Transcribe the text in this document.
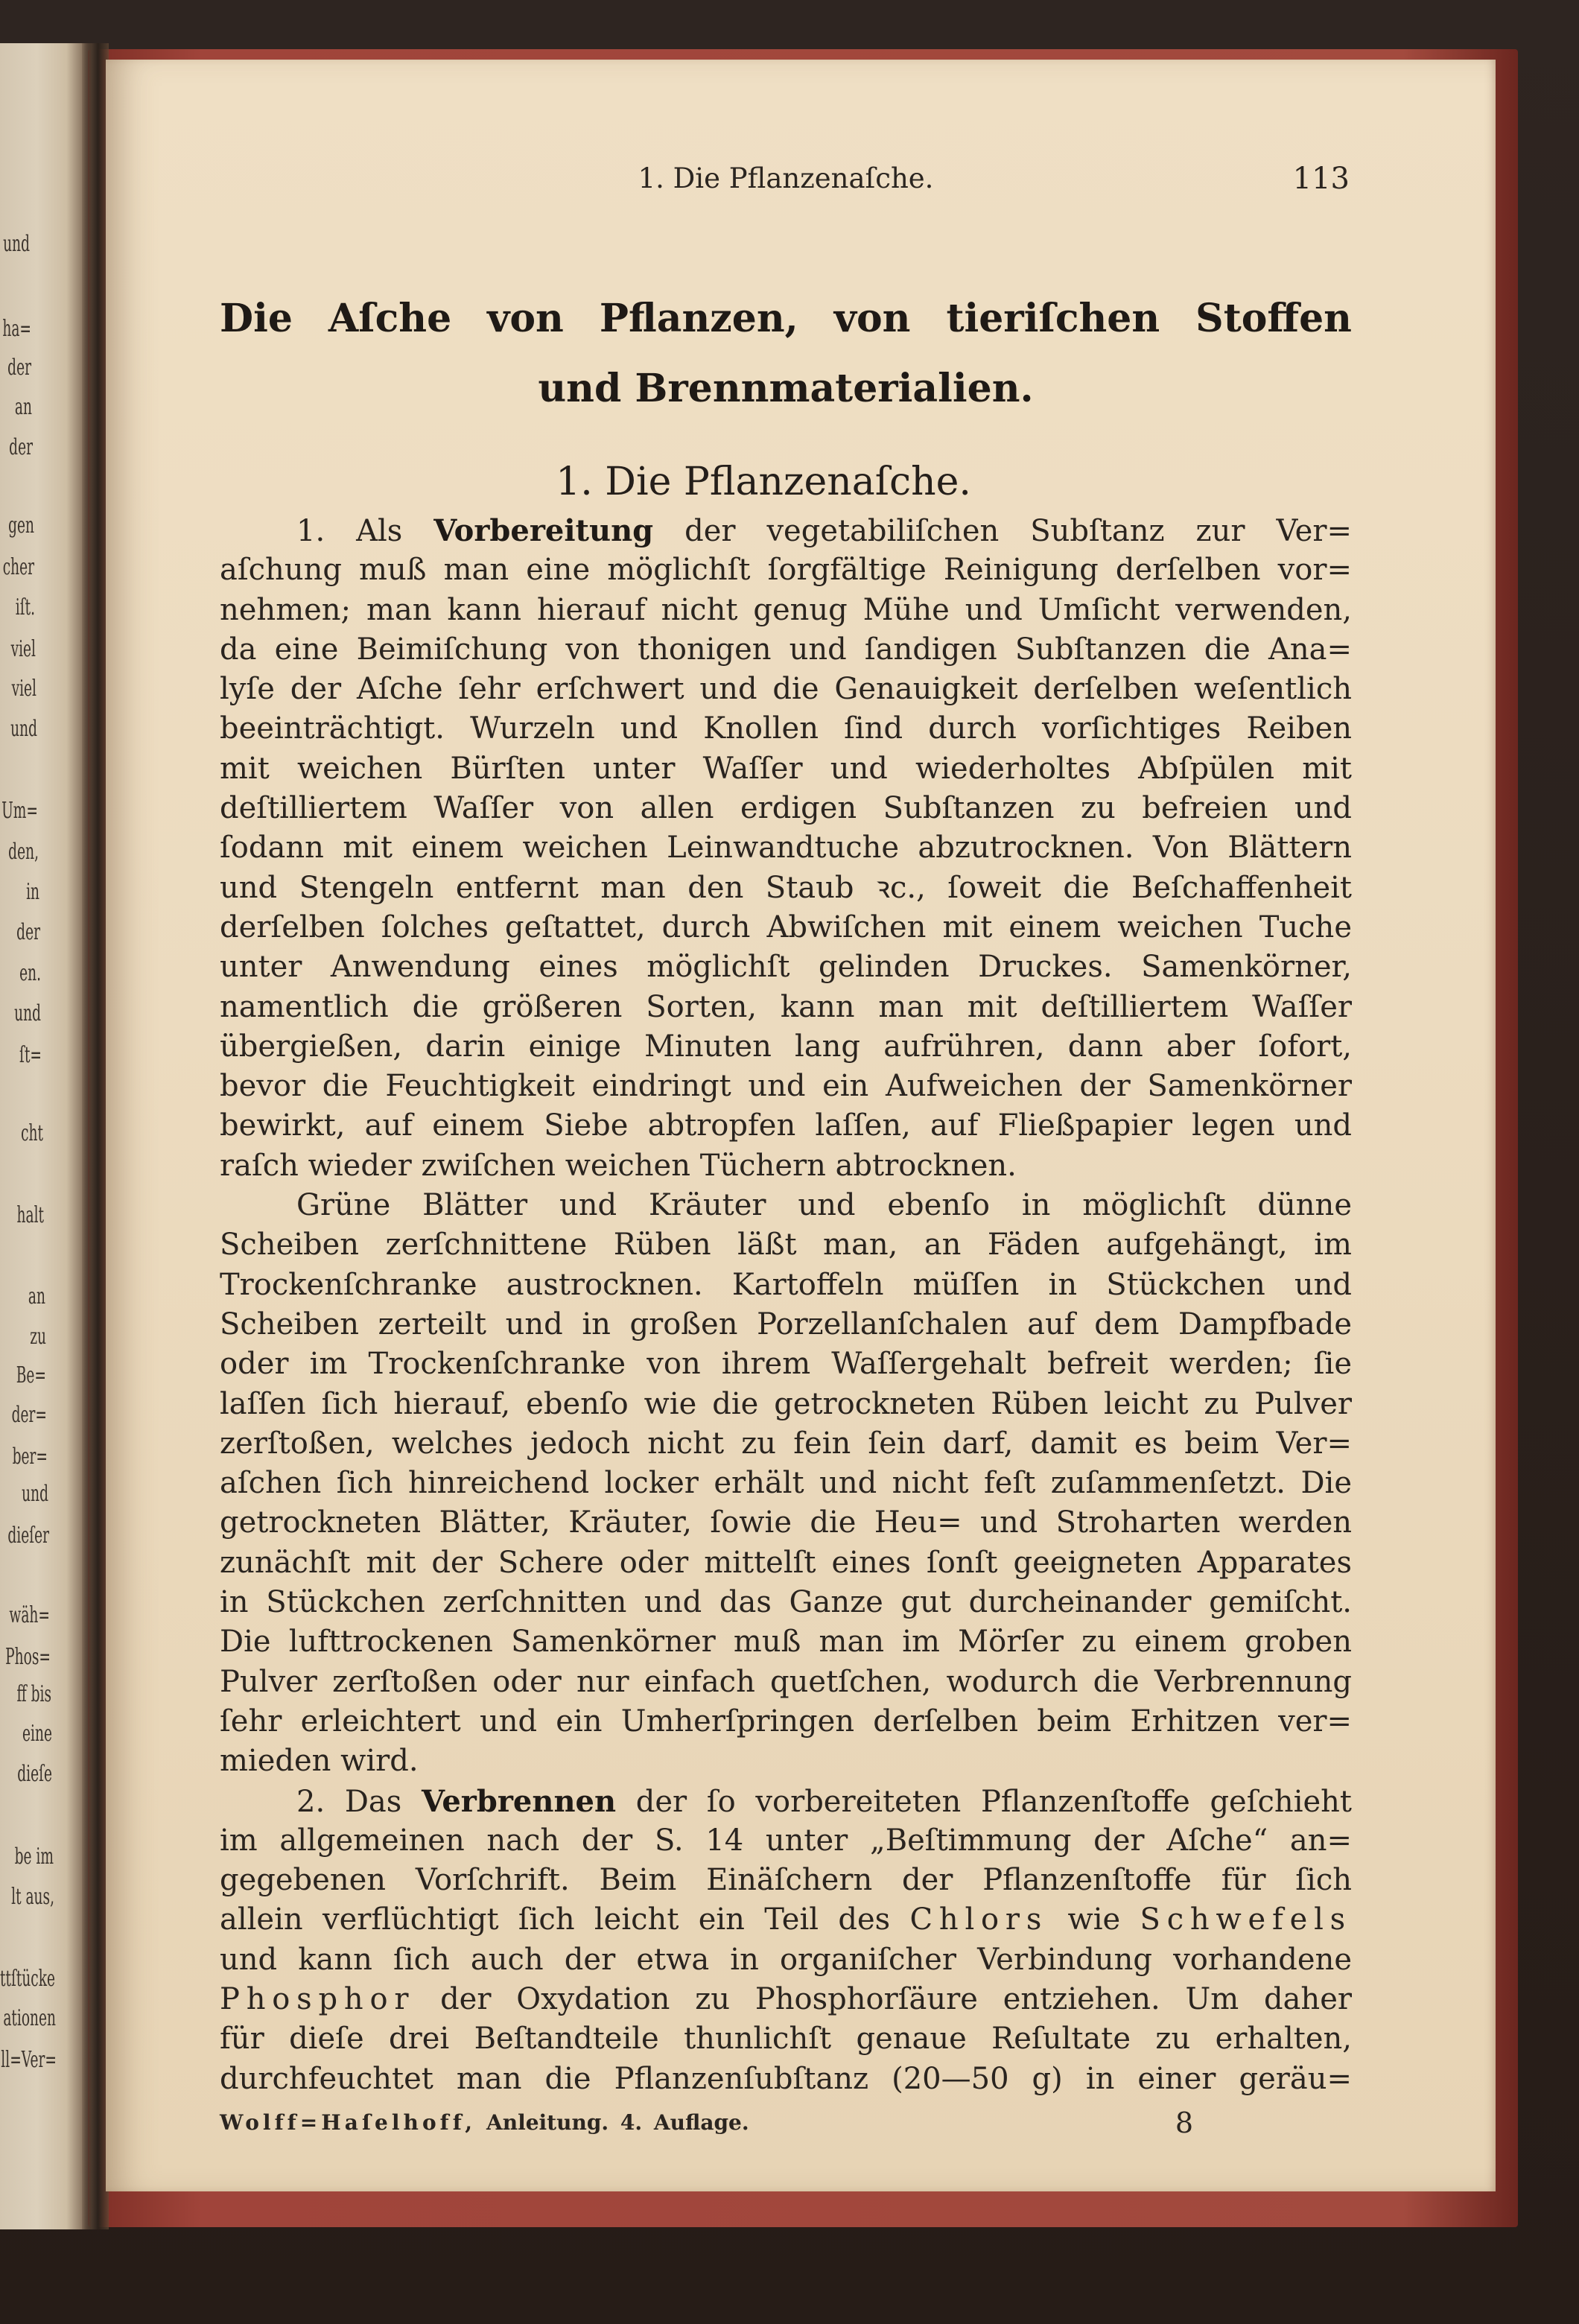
und
ha=
der
an
der
gen
cher
iſt.
viel
viel
und
Um=
den,
in
der
en.
und
ſt=
cht
halt
an
zu
Be=
der=
ber=
und
dieſer
wäh=
Phos=
ff bis
eine
dieſe
be im
lt aus,
ttſtücke
ationen
ll=Ver=
1. Die Pflanzenaſche.	113
Die Aſche von Pflanzen, von tieriſchen Stoffen
und Brennmaterialien.
1. Die Pflanzenaſche.
1. Als Vorbereitung der vegetabiliſchen Subſtanz zur Ver=
aſchung muß man eine möglichſt ſorgfältige Reinigung derſelben vor=
nehmen; man kann hierauf nicht genug Mühe und Umſicht verwenden,
da eine Beimiſchung von thonigen und ſandigen Subſtanzen die Ana=
lyſe der Aſche ſehr erſchwert und die Genauigkeit derſelben weſentlich
beeinträchtigt. Wurzeln und Knollen ſind durch vorſichtiges Reiben
mit weichen Bürſten unter Waſſer und wiederholtes Abſpülen mit
deſtilliertem Waſſer von allen erdigen Subſtanzen zu befreien und
ſodann mit einem weichen Leinwandtuche abzutrocknen. Von Blättern
und Stengeln entfernt man den Staub ꝛc., ſoweit die Beſchaffenheit
derſelben ſolches geſtattet, durch Abwiſchen mit einem weichen Tuche
unter Anwendung eines möglichſt gelinden Druckes. Samenkörner,
namentlich die größeren Sorten, kann man mit deſtilliertem Waſſer
übergießen, darin einige Minuten lang aufrühren, dann aber ſofort,
bevor die Feuchtigkeit eindringt und ein Aufweichen der Samenkörner
bewirkt, auf einem Siebe abtropfen laſſen, auf Fließpapier legen und
raſch wieder zwiſchen weichen Tüchern abtrocknen.
Grüne Blätter und Kräuter und ebenſo in möglichſt dünne
Scheiben zerſchnittene Rüben läßt man, an Fäden aufgehängt, im
Trockenſchranke austrocknen. Kartoffeln müſſen in Stückchen und
Scheiben zerteilt und in großen Porzellanſchalen auf dem Dampfbade
oder im Trockenſchranke von ihrem Waſſergehalt befreit werden; ſie
laſſen ſich hierauf, ebenſo wie die getrockneten Rüben leicht zu Pulver
zerſtoßen, welches jedoch nicht zu fein ſein darf, damit es beim Ver=
aſchen ſich hinreichend locker erhält und nicht feſt zuſammenſetzt. Die
getrockneten Blätter, Kräuter, ſowie die Heu= und Stroharten werden
zunächſt mit der Schere oder mittelſt eines ſonſt geeigneten Apparates
in Stückchen zerſchnitten und das Ganze gut durcheinander gemiſcht.
Die lufttrockenen Samenkörner muß man im Mörſer zu einem groben
Pulver zerſtoßen oder nur einfach quetſchen, wodurch die Verbrennung
ſehr erleichtert und ein Umherſpringen derſelben beim Erhitzen ver=
mieden wird.
2. Das Verbrennen der ſo vorbereiteten Pflanzenſtoffe geſchieht
im allgemeinen nach der S. 14 unter „Beſtimmung der Aſche“ an=
gegebenen Vorſchrift. Beim Einäſchern der Pflanzenſtoffe für ſich
allein verflüchtigt ſich leicht ein Teil des Chlors wie Schwefels
und kann ſich auch der etwa in organiſcher Verbindung vorhandene
Phosphor der Oxydation zu Phosphorſäure entziehen. Um daher
für dieſe drei Beſtandteile thunlichſt genaue Reſultate zu erhalten,
durchfeuchtet man die Pflanzenſubſtanz (20—50 g) in einer geräu=
Wolff=Haſelhoff, Anleitung. 4. Auflage.	8
